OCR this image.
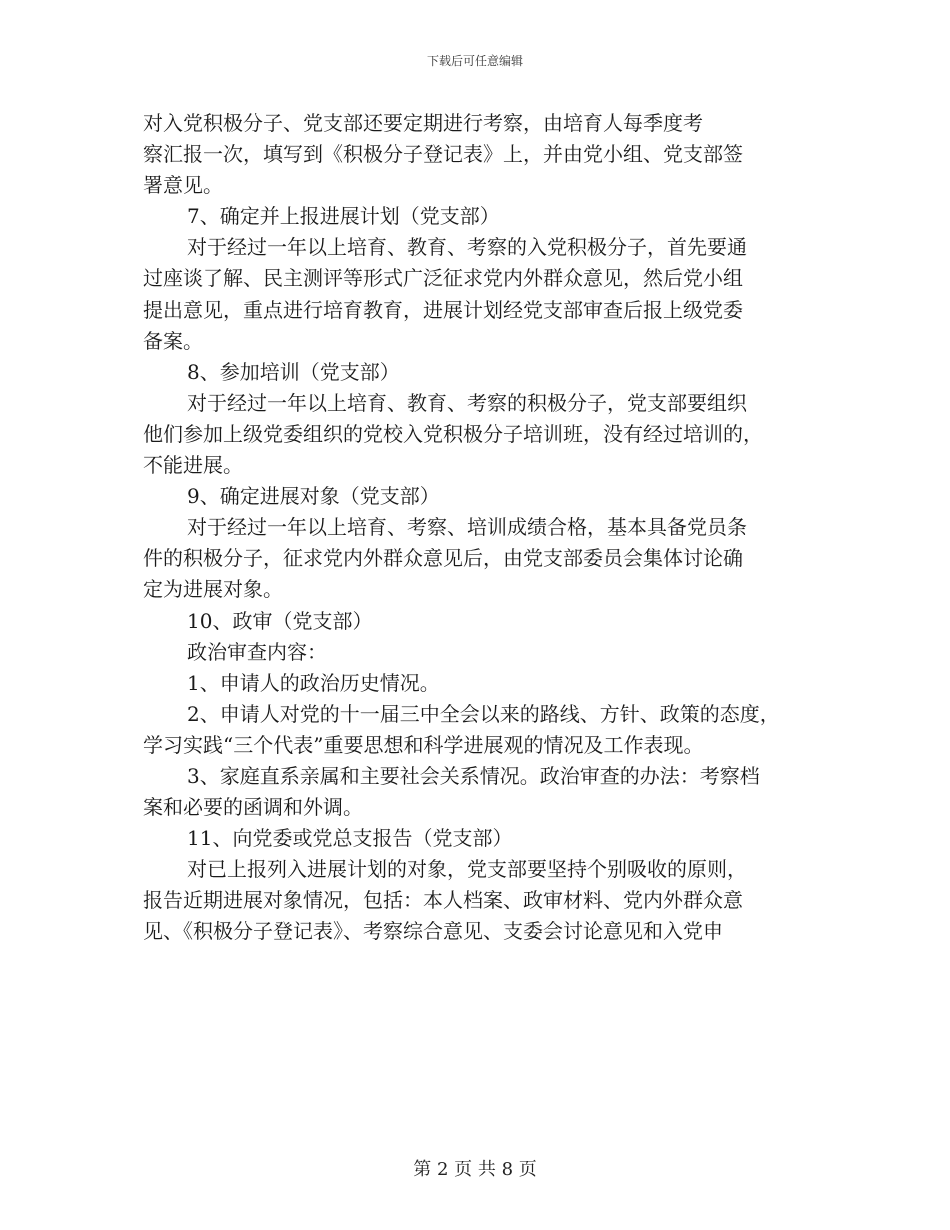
下载后可任意编辑
对入党积极分子、党支部还要定期进行考察，由培育人每季度考
察汇报一次，填写到《积极分子登记表》上，并由党小组、党支部签
署意见。
7、确定并上报进展计划（党支部）
对于经过一年以上培育、教育、考察的入党积极分子，首先要通
过座谈了解、民主测评等形式广泛征求党内外群众意见，然后党小组
提出意见，重点进行培育教育，进展计划经党支部审查后报上级党委
备案。
8、参加培训（党支部）
对于经过一年以上培育、教育、考察的积极分子，党支部要组织
他们参加上级党委组织的党校入党积极分子培训班，没有经过培训的，
不能进展。
9、确定进展对象（党支部）
对于经过一年以上培育、考察、培训成绩合格，基本具备党员条
件的积极分子，征求党内外群众意见后，由党支部委员会集体讨论确
定为进展对象。
10、政审（党支部）
政治审查内容：
1、申请人的政治历史情况。
2、申请人对党的十一届三中全会以来的路线、方针、政策的态度，
学习实践“三个代表”重要思想和科学进展观的情况及工作表现。
3、家庭直系亲属和主要社会关系情况。政治审查的办法：考察档
案和必要的函调和外调。
11、向党委或党总支报告（党支部）
对已上报列入进展计划的对象，党支部要坚持个别吸收的原则，
报告近期进展对象情况，包括：本人档案、政审材料、党内外群众意
见、《积极分子登记表》、考察综合意见、支委会讨论意见和入党申
第 2 页 共 8 页
